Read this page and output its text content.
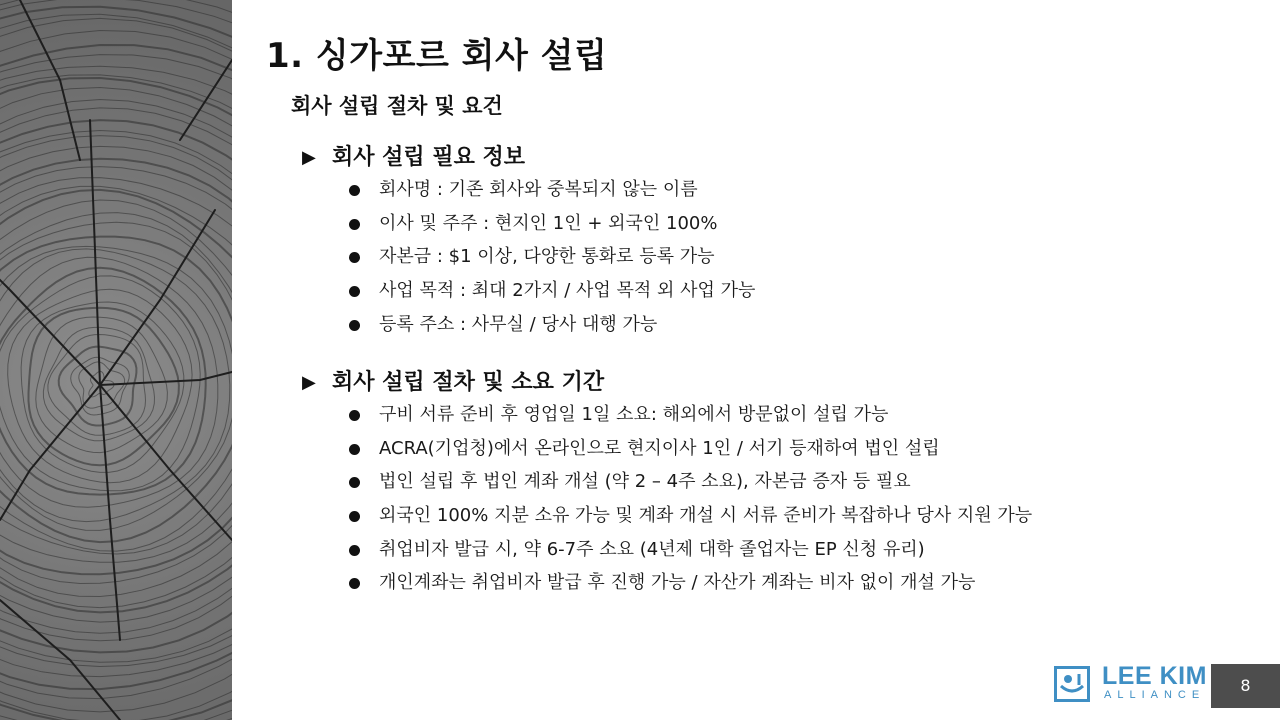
1. 싱가포르 회사 설립
회사 설립 절차 및 요건
▶ 회사 설립 필요 정보
회사명 : 기존 회사와 중복되지 않는 이름
이사 및 주주 : 현지인 1인 + 외국인 100%
자본금 : $1 이상, 다양한 통화로 등록 가능
사업 목적 : 최대 2가지 / 사업 목적 외 사업 가능
등록 주소 : 사무실 / 당사 대행 가능
▶ 회사 설립 절차 및 소요 기간
구비 서류 준비 후 영업일 1일 소요: 해외에서 방문없이 설립 가능
ACRA(기업청)에서 온라인으로 현지이사 1인 / 서기 등재하여 법인 설립
법인 설립 후 법인 계좌 개설 (약 2 – 4주 소요), 자본금 증자 등 필요
외국인 100% 지분 소유 가능 및 계좌 개설 시 서류 준비가 복잡하나 당사 지원 가능
취업비자 발급 시, 약 6-7주 소요 (4년제 대학 졸업자는 EP 신청 유리)
개인계좌는 취업비자 발급 후 진행 가능 / 자산가 계좌는 비자 없이 개설 가능
LEE KIM
ALLIANCE	8
